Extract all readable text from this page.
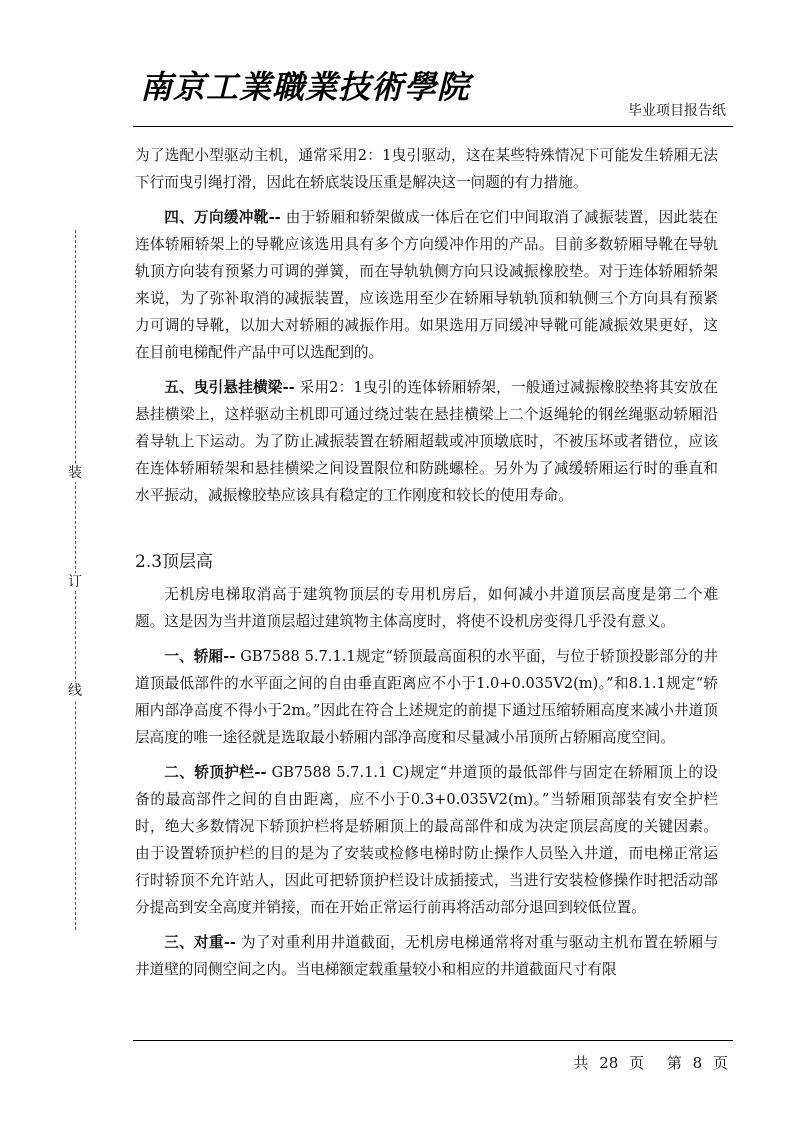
南京工業職業技術學院
毕业项目报告纸
装
订
线

为了选配小型驱动主机，通常采用2：1曳引驱动，这在某些特殊情况下可能发生轿厢无法下行而曳引绳打滑，因此在轿底装设压重是解决这一问题的有力措施。

四、万向缓冲靴-- 由于轿厢和轿架做成一体后在它们中间取消了减振装置，因此装在连体轿厢轿架上的导靴应该选用具有多个方向缓冲作用的产品。目前多数轿厢导靴在导轨轨顶方向装有预紧力可调的弹簧，而在导轨轨侧方向只设减振橡胶垫。对于连体轿厢轿架来说，为了弥补取消的减振装置，应该选用至少在轿厢导轨轨顶和轨侧三个方向具有预紧力可调的导靴，以加大对轿厢的减振作用。如果选用万同缓冲导靴可能减振效果更好，这在目前电梯配件产品中可以选配到的。

五、曳引悬挂横梁-- 采用2：1曳引的连体轿厢轿架，一般通过减振橡胶垫将其安放在悬挂横梁上，这样驱动主机即可通过绕过装在悬挂横梁上二个返绳轮的钢丝绳驱动轿厢沿着导轨上下运动。为了防止减振装置在轿厢超载或冲顶墩底时，不被压坏或者错位，应该在连体轿厢轿架和悬挂横梁之间设置限位和防跳螺栓。另外为了减缓轿厢运行时的垂直和水平振动，减振橡胶垫应该具有稳定的工作刚度和较长的使用寿命。

2.3顶层高

无机房电梯取消高于建筑物顶层的专用机房后，如何减小井道顶层高度是第二个难题。这是因为当井道顶层超过建筑物主体高度时，将使不设机房变得几乎没有意义。

一、轿厢-- GB7588 5.7.1.1规定“轿顶最高面积的水平面，与位于轿顶投影部分的井道顶最低部件的水平面之间的自由垂直距离应不小于1.0+0.035V2(m)。”和8.1.1规定“轿厢内部净高度不得小于2m。”因此在符合上述规定的前提下通过压缩轿厢高度来减小井道顶层高度的唯一途径就是选取最小轿厢内部净高度和尽量减小吊顶所占轿厢高度空间。

二、轿顶护栏-- GB7588 5.7.1.1 C)规定“井道顶的最低部件与固定在轿厢顶上的设备的最高部件之间的自由距离，应不小于0.3+0.035V2(m)。”当轿厢顶部装有安全护栏时，绝大多数情况下轿顶护栏将是轿厢顶上的最高部件和成为决定顶层高度的关键因素。由于设置轿顶护栏的目的是为了安装或检修电梯时防止操作人员坠入井道，而电梯正常运行时轿顶不允许站人，因此可把轿顶护栏设计成插接式，当进行安装检修操作时把活动部分提高到安全高度并销接，而在开始正常运行前再将活动部分退回到较低位置。

三、对重-- 为了对重利用井道截面，无机房电梯通常将对重与驱动主机布置在轿厢与井道壁的同侧空间之内。当电梯额定载重量较小和相应的井道截面尺寸有限

共 28 页 第 8 页
